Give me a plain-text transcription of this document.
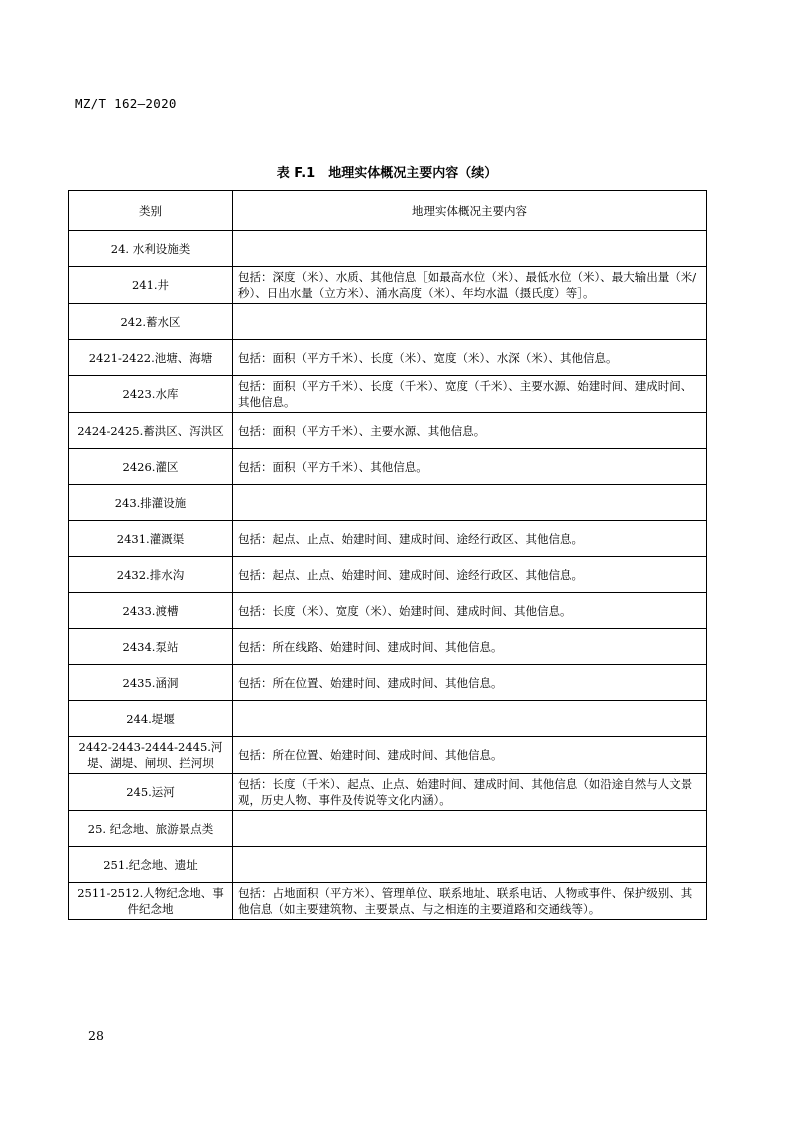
MZ/T 162—2020
表 F.1　地理实体概况主要内容（续）
类别	地理实体概况主要内容
24. 水利设施类	
241.井	包括：深度（米）、水质、其他信息［如最高水位（米）、最低水位（米）、最大输出量（米/秒）、日出水量（立方米）、涌水高度（米）、年均水温（摄氏度）等］。
242.蓄水区	
2421-2422.池塘、海塘	包括：面积（平方千米）、长度（米）、宽度（米）、水深（米）、其他信息。
2423.水库	包括：面积（平方千米）、长度（千米）、宽度（千米）、主要水源、始建时间、建成时间、其他信息。
2424-2425.蓄洪区、泻洪区	包括：面积（平方千米）、主要水源、其他信息。
2426.灌区	包括：面积（平方千米）、其他信息。
243.排灌设施	
2431.灌溉渠	包括：起点、止点、始建时间、建成时间、途经行政区、其他信息。
2432.排水沟	包括：起点、止点、始建时间、建成时间、途经行政区、其他信息。
2433.渡槽	包括：长度（米）、宽度（米）、始建时间、建成时间、其他信息。
2434.泵站	包括：所在线路、始建时间、建成时间、其他信息。
2435.涵洞	包括：所在位置、始建时间、建成时间、其他信息。
244.堤堰	
2442-2443-2444-2445.河堤、湖堤、闸坝、拦河坝	包括：所在位置、始建时间、建成时间、其他信息。
245.运河	包括：长度（千米）、起点、止点、始建时间、建成时间、其他信息（如沿途自然与人文景观，历史人物、事件及传说等文化内涵）。
25. 纪念地、旅游景点类	
251.纪念地、遗址	
2511-2512.人物纪念地、事件纪念地	包括：占地面积（平方米）、管理单位、联系地址、联系电话、人物或事件、保护级别、其他信息（如主要建筑物、主要景点、与之相连的主要道路和交通线等）。
28
